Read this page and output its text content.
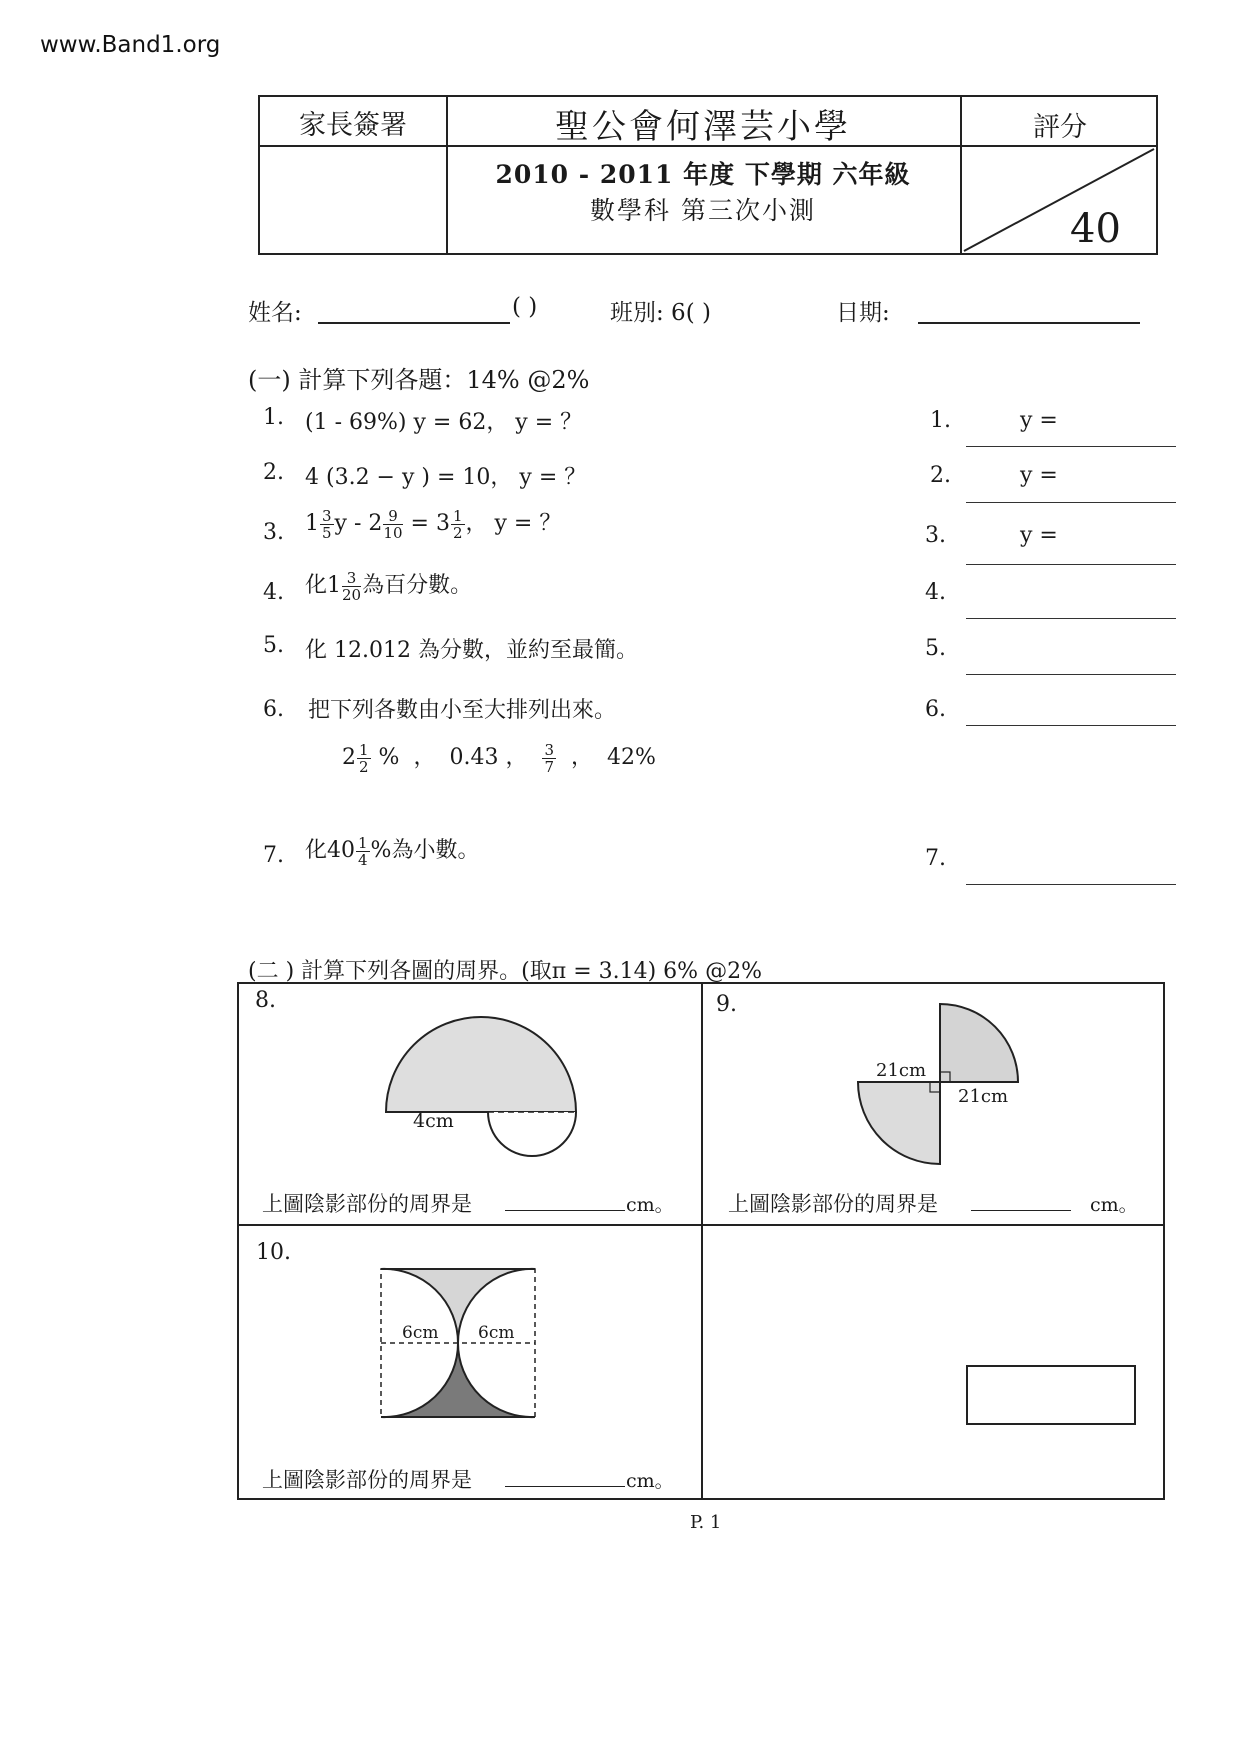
www.Band1.org
家長簽署	聖公會何澤芸小學	評分
2010 - 2011 年度 下學期 六年級
數學科 第三次小測	40
姓名:	( )	班別: 6( )	日期:
(一) 計算下列各題：14% @2%
1. (1 - 69%) y = 62， y = ？	1.	y =
2. 4 (3.2 − y ) = 10， y = ？	2.	y =
3. $1 \frac{3}{5}$ $y - 2 \frac{9}{10} = 3 \frac{1}{2}$ ， y = ？	3.	y =
4. 化$1 \frac{3}{20}$ 為百分數。	4.
5. 化 12.012 為分數，並約至最簡。	5.
6. 把下列各數由小至大排列出來。	6.
$2 \frac{1}{2}$ % ， 0.43 ， $\frac{3}{7}$ ， 42%
7. 化$40 \frac{1}{4}$ %為小數。	7.
(二 ) 計算下列各圖的周界。(取π = 3.14) 6% @2%
8.
4cm
上圖陰影部份的周界是	cm。
9.
21cm
21cm
上圖陰影部份的周界是	cm。
10.
6cm 6cm
上圖陰影部份的周界是	cm。
P. 1
